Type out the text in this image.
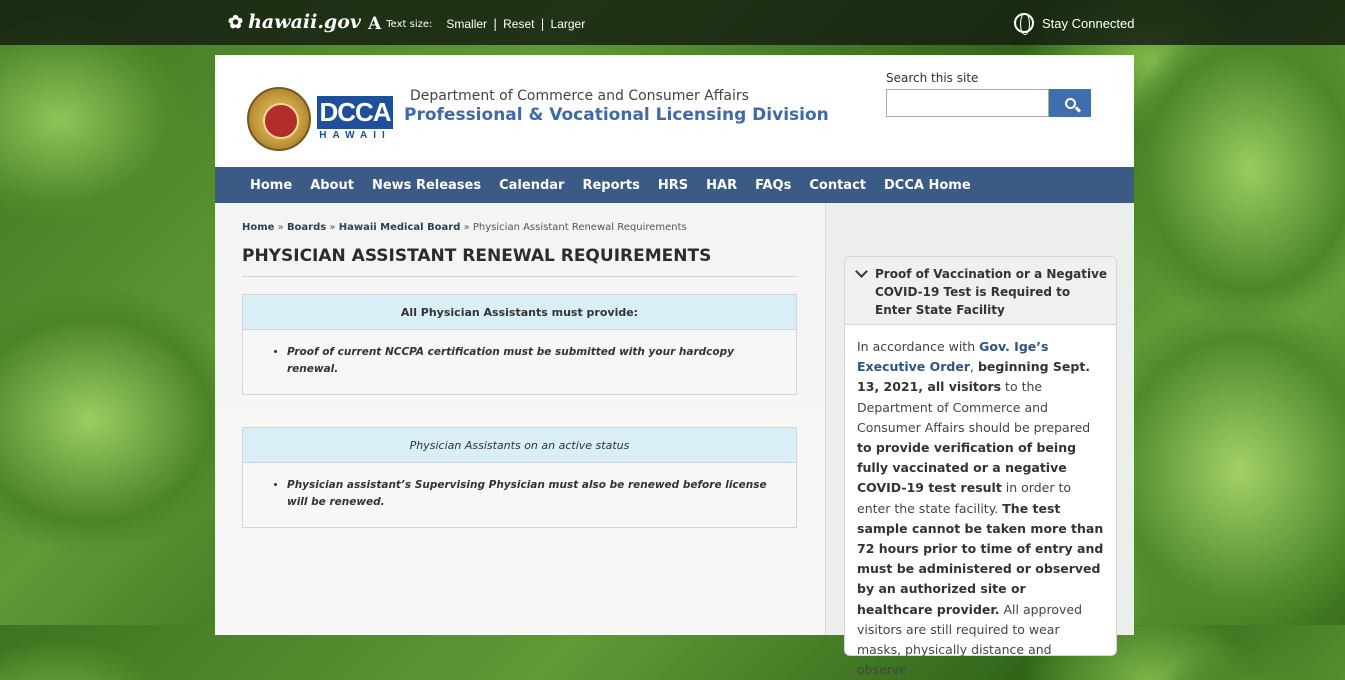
✿ hawaii.gov A Text size: Smaller | Reset | Larger	Stay Connected
DCCA
HAWAII
Department of Commerce and Consumer Affairs
Professional & Vocational Licensing Division
Search this site
Home About News Releases Calendar Reports HRS HAR FAQs Contact DCCA Home
Home » Boards » Hawaii Medical Board » Physician Assistant Renewal Requirements
PHYSICIAN ASSISTANT RENEWAL REQUIREMENTS
All Physician Assistants must provide:
• Proof of current NCCPA certification must be submitted with your hardcopy renewal.
Physician Assistants on an active status
• Physician assistant’s Supervising Physician must also be renewed before license will be renewed.
Proof of Vaccination or a Negative COVID-19 Test is Required to Enter State Facility
In accordance with Gov. Ige’s Executive Order, beginning Sept. 13, 2021, all visitors to the Department of Commerce and Consumer Affairs should be prepared to provide verification of being fully vaccinated or a negative COVID-19 test result in order to enter the state facility. The test sample cannot be taken more than 72 hours prior to time of entry and must be administered or observed by an authorized site or healthcare provider. All approved visitors are still required to wear masks, physically distance and observe
